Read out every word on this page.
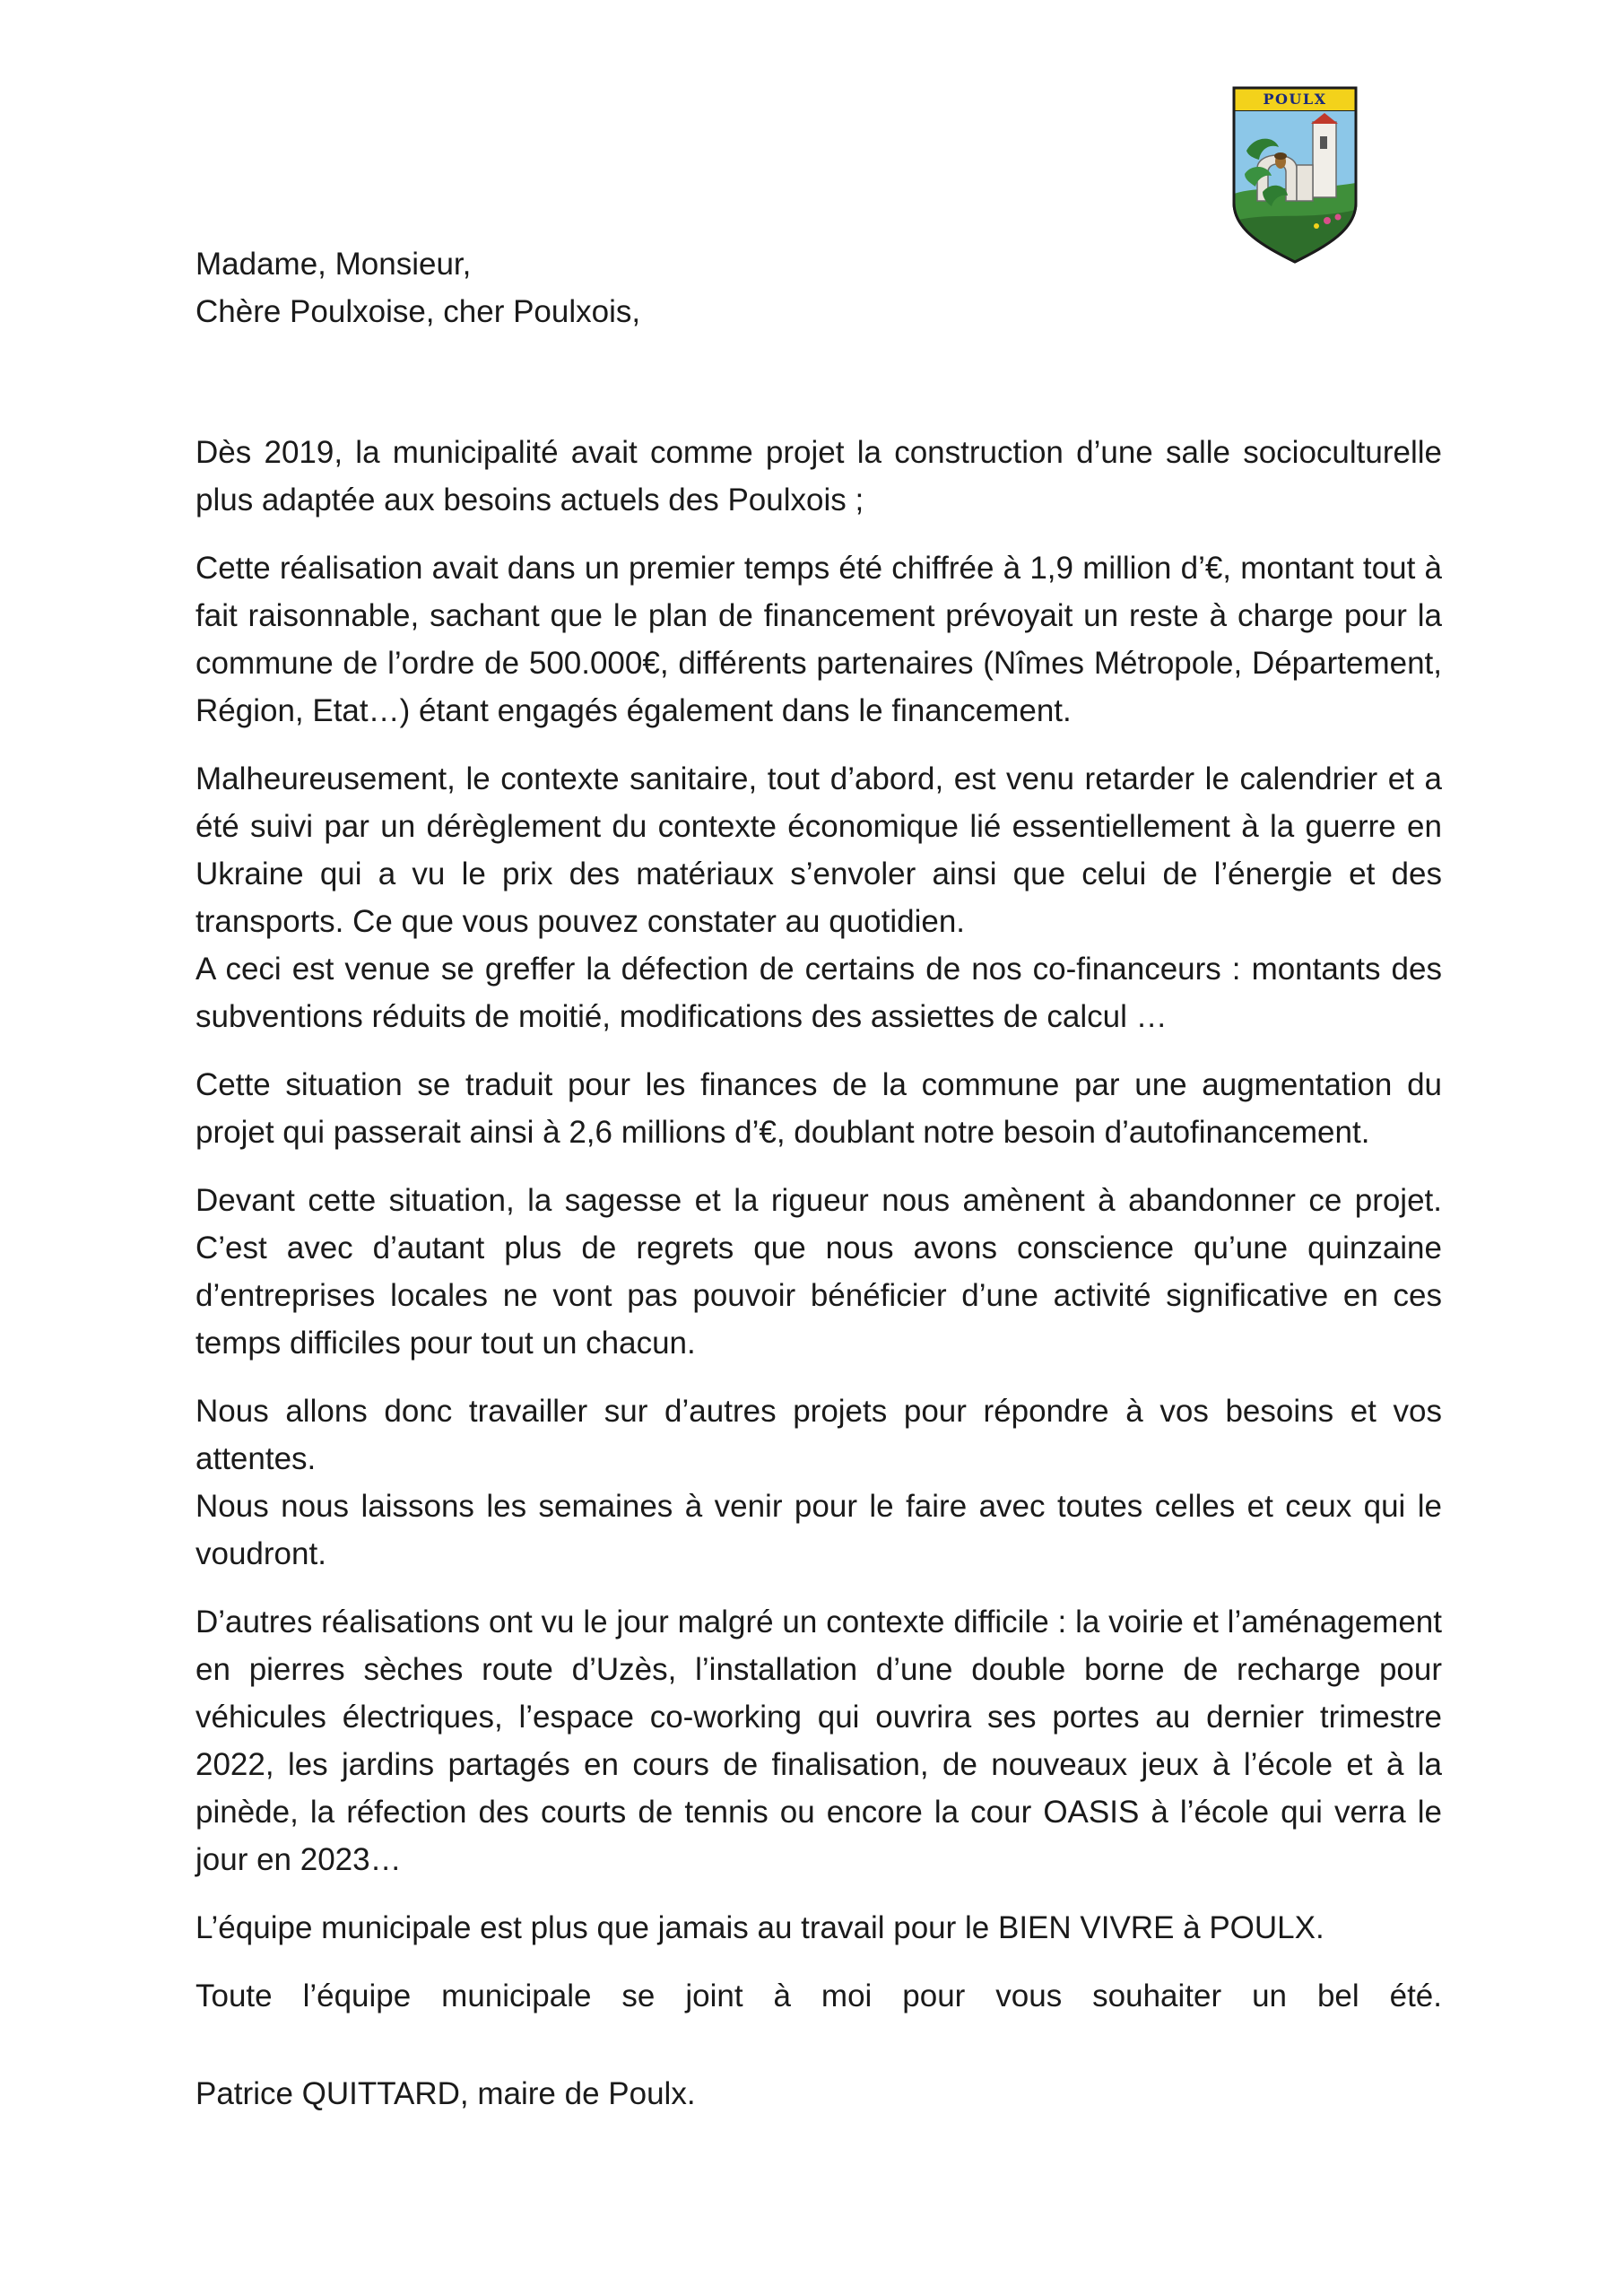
POULX

Madame, Monsieur,

Chère Poulxoise, cher Poulxois,

Dès 2019, la municipalité avait comme projet la construction d’une salle socioculturelle plus adaptée aux besoins actuels des Poulxois ;

Cette réalisation avait dans un premier temps été chiffrée à 1,9 million d’€, montant tout à fait raisonnable, sachant que le plan de financement prévoyait un reste à charge pour la commune de l’ordre de 500.000€, différents partenaires (Nîmes Métropole, Département, Région, Etat…) étant engagés également dans le financement.

Malheureusement, le contexte sanitaire, tout d’abord, est venu retarder le calendrier et a été suivi par un dérèglement du contexte économique lié essentiellement à la guerre en Ukraine qui a vu le prix des matériaux s’envoler ainsi que celui de l’énergie et des transports. Ce que vous pouvez constater au quotidien.
A ceci est venue se greffer la défection de certains de nos co-financeurs : montants des subventions réduits de moitié, modifications des assiettes de calcul …

Cette situation se traduit pour les finances de la commune par une augmentation du projet qui passerait ainsi à 2,6 millions d’€, doublant notre besoin d’autofinancement.

Devant cette situation, la sagesse et la rigueur nous amènent à abandonner ce projet. C’est avec d’autant plus de regrets que nous avons conscience qu’une quinzaine d’entreprises locales ne vont pas pouvoir bénéficier d’une activité significative en ces temps difficiles pour tout un chacun.

Nous allons donc travailler sur d’autres projets pour répondre à vos besoins et vos attentes.
Nous nous laissons les semaines à venir pour le faire avec toutes celles et ceux qui le voudront.

D’autres réalisations ont vu le jour malgré un contexte difficile : la voirie et l’aménagement en pierres sèches route d’Uzès, l’installation d’une double borne de recharge pour véhicules électriques, l’espace co-working qui ouvrira ses portes au dernier trimestre 2022, les jardins partagés en cours de finalisation, de nouveaux jeux à l’école et à la pinède, la réfection des courts de tennis ou encore la cour OASIS à l’école qui verra le jour en 2023…

L’équipe municipale est plus que jamais au travail pour le BIEN VIVRE à POULX.

Toute l’équipe municipale se joint à moi pour vous souhaiter un bel été.

Patrice QUITTARD, maire de Poulx.
